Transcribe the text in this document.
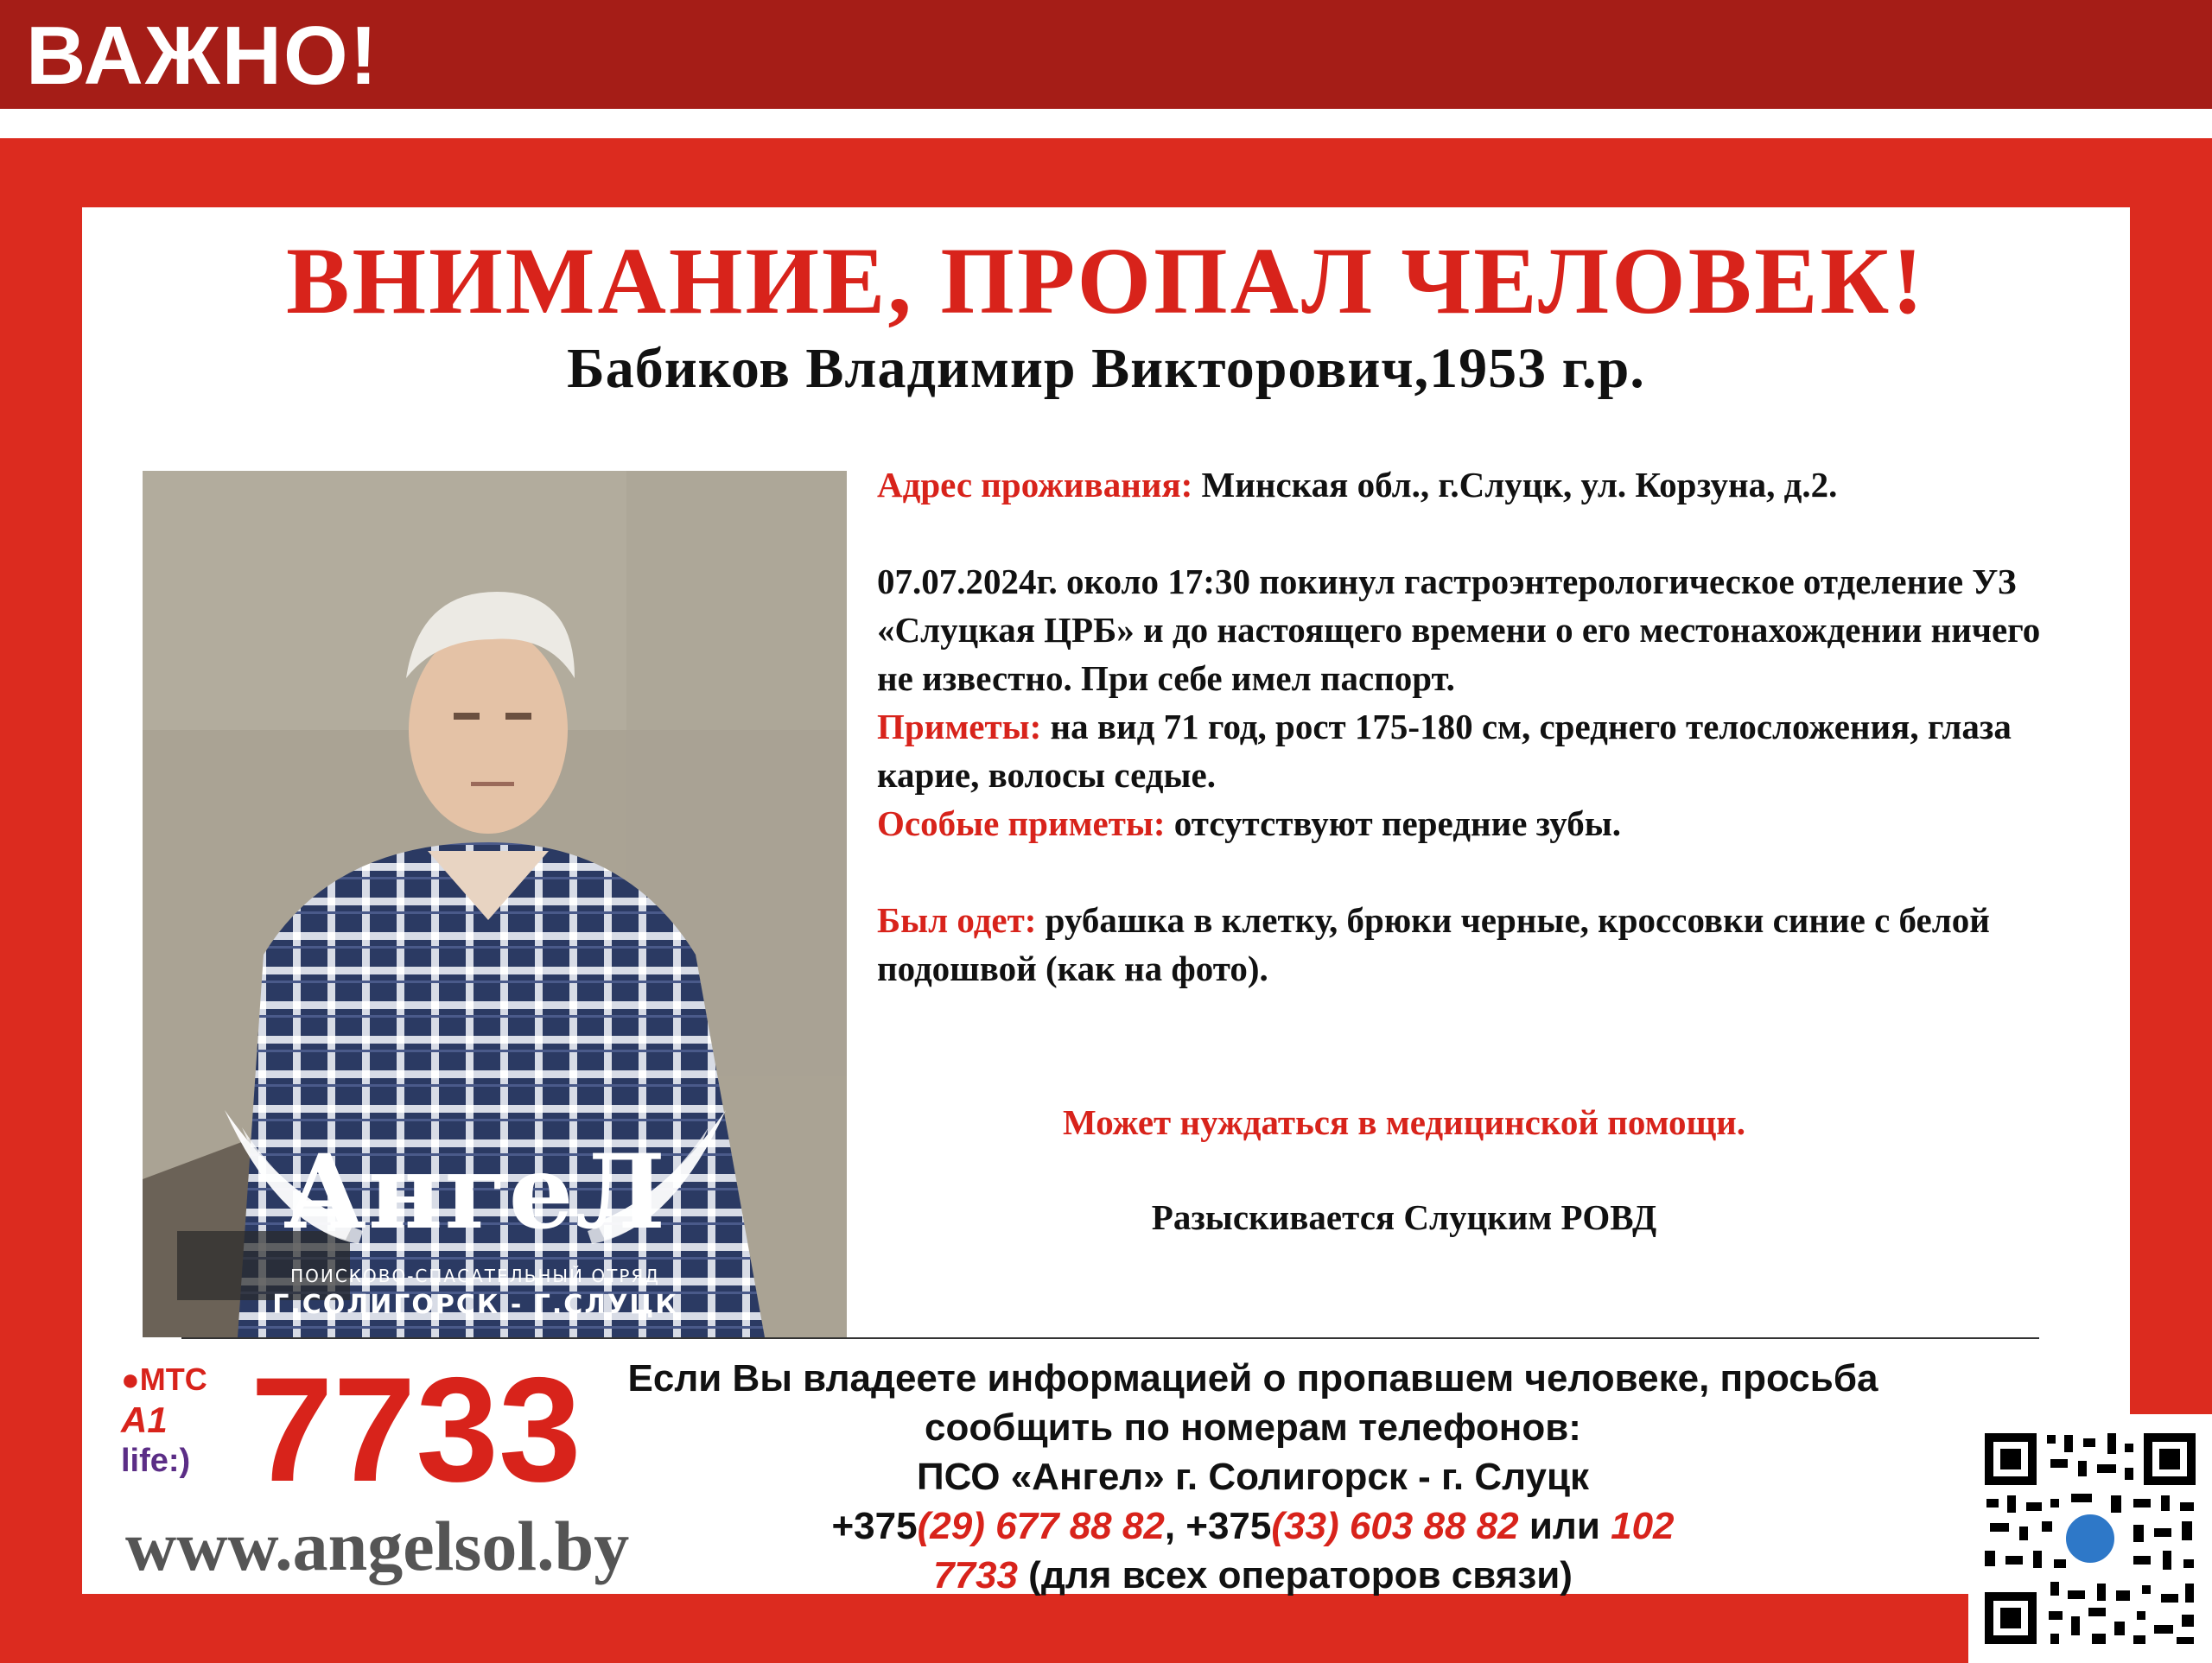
ВАЖНО!
ВНИМАНИЕ, ПРОПАЛ ЧЕЛОВЕК!
Бабиков Владимир Викторович,1953 г.р.
АнгеЛ
ПОИСКОВО-СПАСАТЕЛЬНЫЙ ОТРЯД
Г.СОЛИГОРСК - Г.СЛУЦК

Адрес проживания: Минская обл., г.Слуцк, ул. Корзуна, д.2.

07.07.2024г. около 17:30 покинул гастроэнтерологическое отделение УЗ «Слуцкая ЦРБ» и до настоящего времени о его местонахождении ничего не известно. При себе имел паспорт.

Приметы: на вид 71 год, рост 175-180 см, среднего телосложения, глаза карие, волосы седые.

Особые приметы: отсутствуют передние зубы.

Был одет: рубашка в клетку, брюки черные, кроссовки синие с белой подошвой (как на фото).

Может нуждаться в медицинской помощи.
Разыскивается Слуцким РОВД
●МТС
A1
life:) 7733
www.angelsol.by
Если Вы владеете информацией о пропавшем человеке, просьба
сообщить по номерам телефонов:
ПСО «Ангел» г. Солигорск - г. Слуцк
+375(29) 677 88 82, +375(33) 603 88 82 или 102
7733 (для всех операторов связи)
